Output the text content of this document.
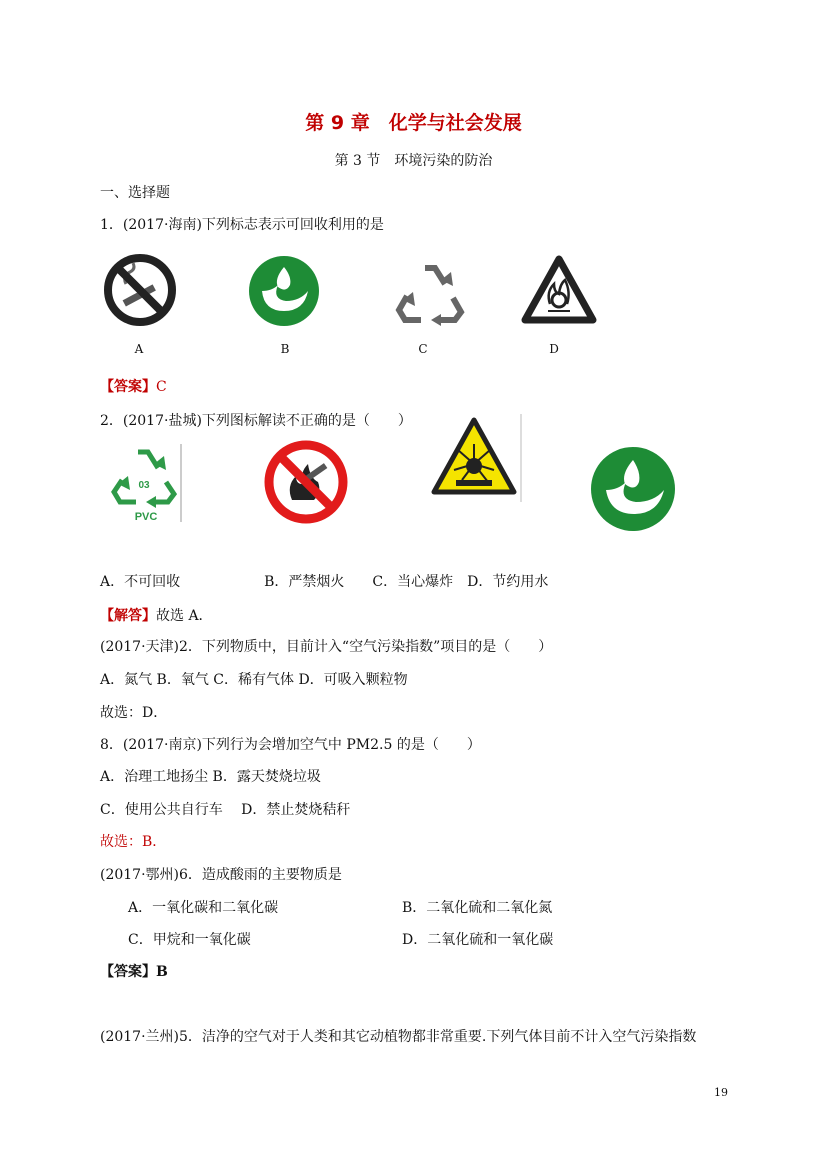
第 9 章　化学与社会发展
第 3 节　环境污染的防治
一、选择题
1．(2017·海南)下列标志表示可回收利用的是
A	B	C	D
【答案】C
2．(2017·盐城)下列图标解读不正确的是（　　）
03
PVC
A．不可回收　　　　　　B．严禁烟火　　C．当心爆炸　D．节约用水
【解答】故选 A．
(2017·天津)2．下列物质中，目前计入“空气污染指数”项目的是（　　）
A．氮气 B．氧气 C．稀有气体 D．可吸入颗粒物
故选：D．
8．(2017·南京)下列行为会增加空气中 PM2.5 的是（　　）
A．治理工地扬尘 B．露天焚烧垃圾
C．使用公共自行车　 D．禁止焚烧秸秆
故选：B．
(2017·鄂州)6．造成酸雨的主要物质是
A．一氧化碳和二氧化碳	B．二氧化硫和二氧化氮
C．甲烷和一氧化碳	D．二氧化硫和一氧化碳
【答案】B
(2017·兰州)5．洁净的空气对于人类和其它动植物都非常重要.下列气体目前不计入空气污染指数
19
